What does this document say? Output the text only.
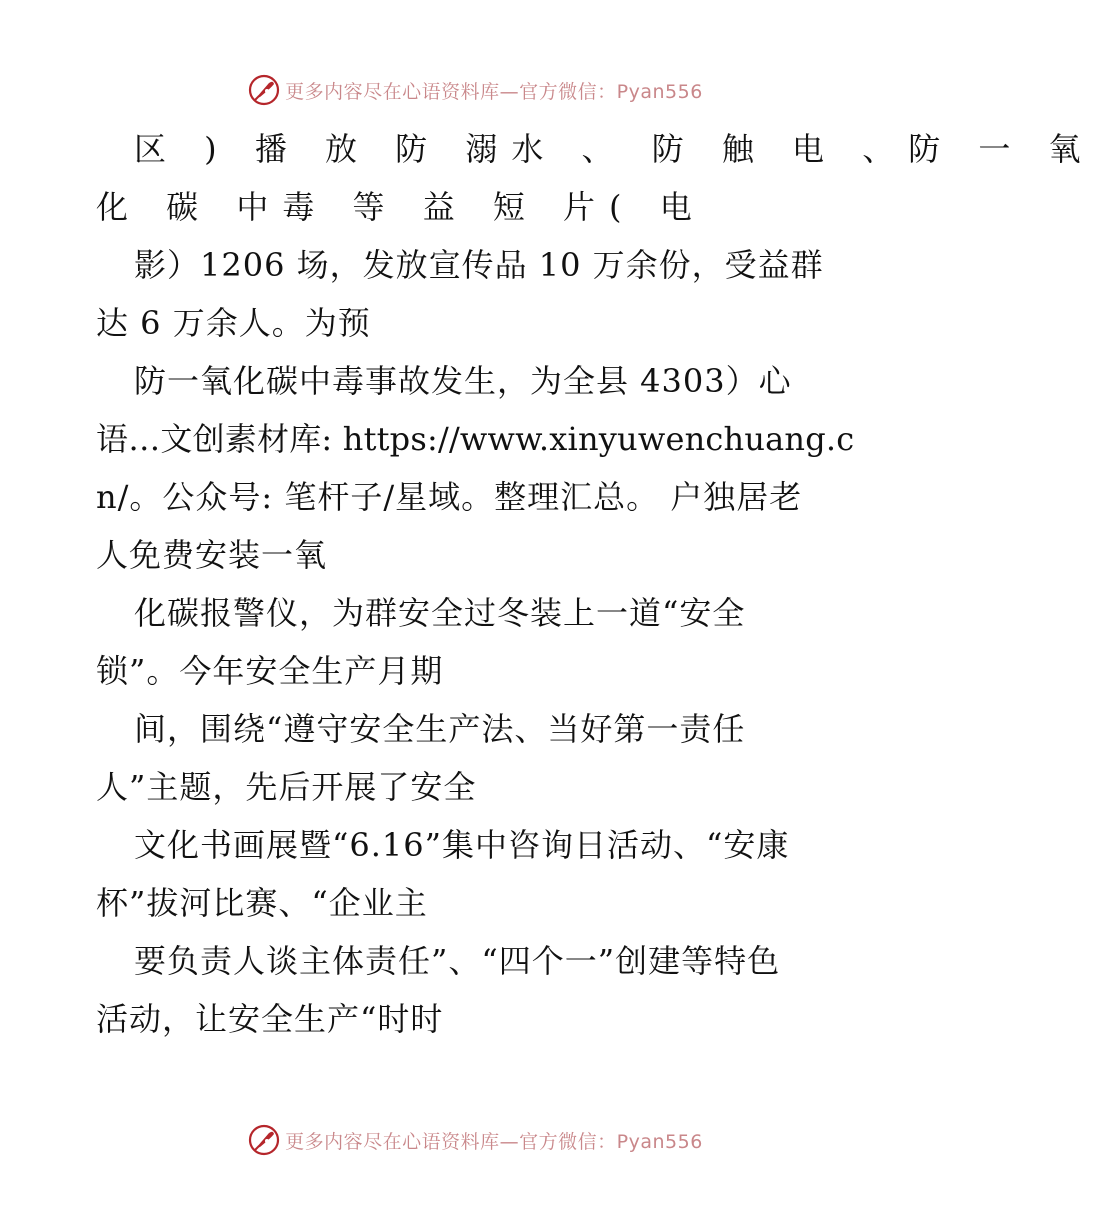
更多内容尽在心语资料库—官方微信：Pyan556
区 ) 播 放 防 溺水 、 防 触 电 、防 一 氧
化 碳 中毒 等 益 短 片( 电
影）1206 场，发放宣传品 10 万余份，受益群
达 6 万余人。为预
防一氧化碳中毒事故发生，为全县 4303）心
语…文创素材库: https://www.xinyuwenchuang.c
n/。公众号: 笔杆子/星域。整理汇总。 户独居老
人免费安装一氧
化碳报警仪，为群安全过冬装上一道“安全
锁”。今年安全生产月期
间，围绕“遵守安全生产法、当好第一责任
人”主题，先后开展了安全
文化书画展暨“6.16”集中咨询日活动、“安康
杯”拔河比赛、“企业主
要负责人谈主体责任”、“四个一”创建等特色
活动，让安全生产“时时
更多内容尽在心语资料库—官方微信：Pyan556
